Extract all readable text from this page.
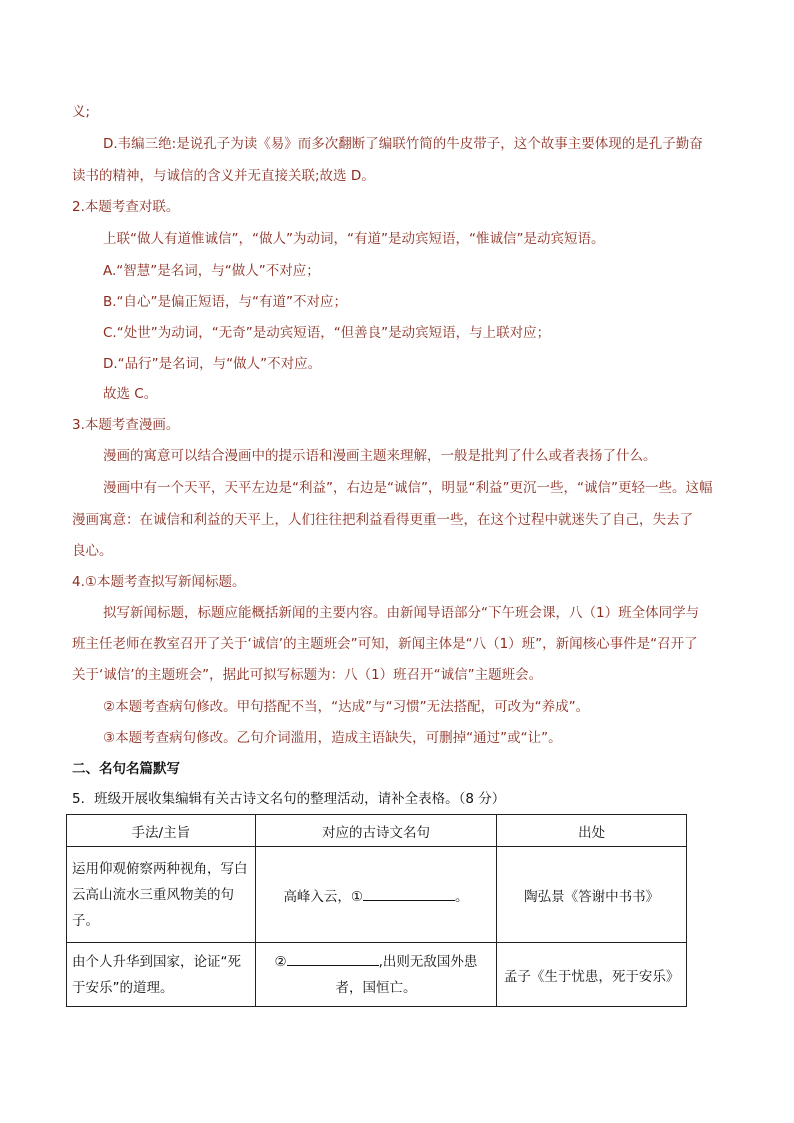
义;
D.韦编三绝:是说孔子为读《易》而多次翻断了编联竹简的牛皮带子，这个故事主要体现的是孔子勤奋
读书的精神，与诚信的含义并无直接关联;故选 D。
2.本题考查对联。
上联“做人有道惟诚信”，“做人”为动词，“有道”是动宾短语，“惟诚信”是动宾短语。
A.“智慧”是名词，与“做人”不对应；
B.“自心”是偏正短语，与“有道”不对应；
C.“处世”为动词，“无奇”是动宾短语，“但善良”是动宾短语，与上联对应；
D.“品行”是名词，与“做人”不对应。
故选 C。
3.本题考查漫画。
漫画的寓意可以结合漫画中的提示语和漫画主题来理解，一般是批判了什么或者表扬了什么。
漫画中有一个天平，天平左边是“利益”，右边是“诚信”，明显“利益”更沉一些，“诚信”更轻一些。这幅
漫画寓意：在诚信和利益的天平上，人们往往把利益看得更重一些，在这个过程中就迷失了自己，失去了
良心。
4.①本题考查拟写新闻标题。
拟写新闻标题，标题应能概括新闻的主要内容。由新闻导语部分“下午班会课，八（1）班全体同学与
班主任老师在教室召开了关于‘诚信’的主题班会”可知，新闻主体是“八（1）班”，新闻核心事件是“召开了
关于‘诚信’的主题班会”，据此可拟写标题为：八（1）班召开“诚信”主题班会。
②本题考查病句修改。甲句搭配不当，“达成”与“习惯”无法搭配，可改为“养成”。
③本题考查病句修改。乙句介词滥用，造成主语缺失，可删掉“通过”或“让”。
二、名句名篇默写
5．班级开展收集编辑有关古诗文名句的整理活动，请补全表格。（8 分）
手法/主旨	对应的古诗文名句	出处
运用仰观俯察两种视角，写白云高山流水三重风物美的句子。	高峰入云，① 。	陶弘景《答谢中书书》
由个人升华到国家，论证“死于安乐”的道理。	② ,出则无敌国外患者，国恒亡。	孟子《生于忧患，死于安乐》
